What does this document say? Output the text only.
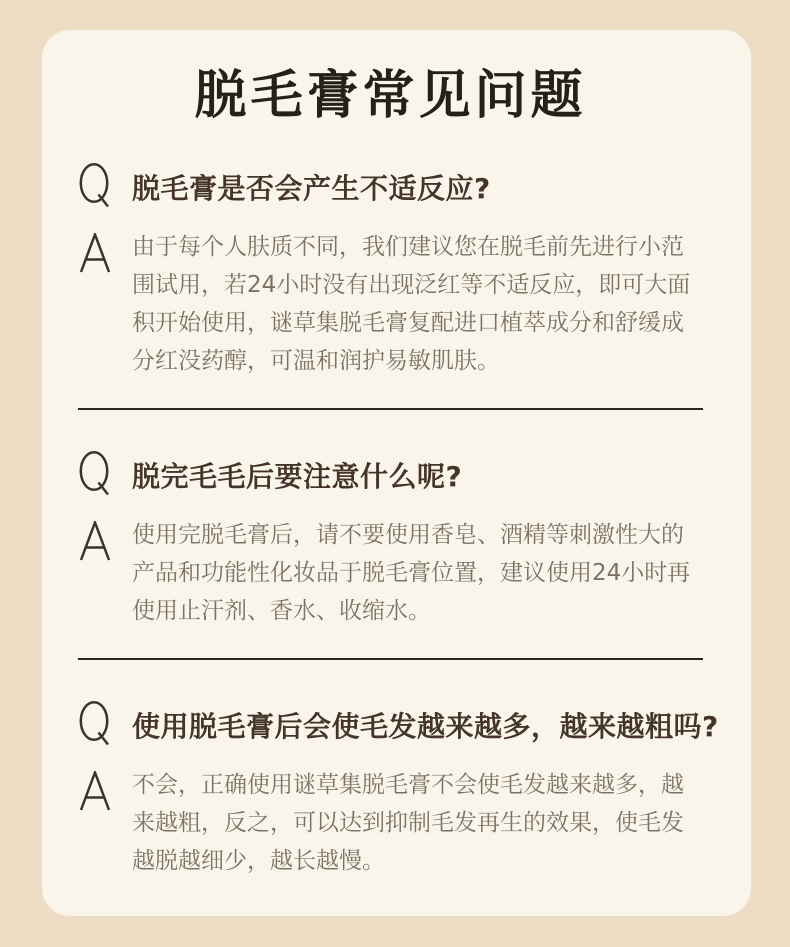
脱毛膏常见问题
脱毛膏是否会产生不适反应?

由于每个人肤质不同，我们建议您在脱毛前先进行小范围试用，若24小时没有出现泛红等不适反应，即可大面积开始使用，谜草集脱毛膏复配进口植萃成分和舒缓成分红没药醇，可温和润护易敏肌肤。

脱完毛毛后要注意什么呢?

使用完脱毛膏后，请不要使用香皂、酒精等刺激性大的产品和功能性化妆品于脱毛膏位置，建议使用24小时再使用止汗剂、香水、收缩水。

使用脱毛膏后会使毛发越来越多，越来越粗吗?

不会，正确使用谜草集脱毛膏不会使毛发越来越多，越来越粗，反之，可以达到抑制毛发再生的效果，使毛发越脱越细少，越长越慢。
